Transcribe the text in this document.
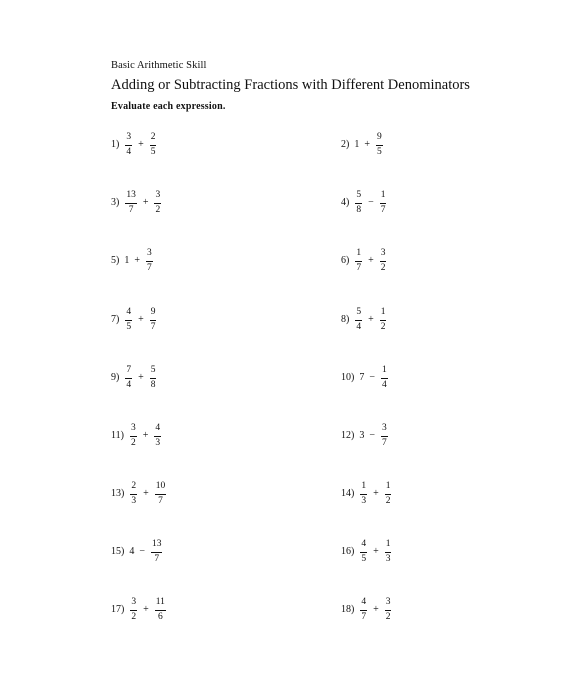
Basic Arithmetic Skill
Adding or Subtracting Fractions with Different Denominators
Evaluate each expression.
$1) \frac{3}{4} + \frac{2}{5}$	2) $1 + \frac{9}{5}$
$3) \frac{13}{7} + \frac{3}{2}$	$4) \frac{5}{8} - \frac{1}{7}$
5) $1 + \frac{3}{7}$	$6) \frac{1}{7} + \frac{3}{2}$
$7) \frac{4}{5} + \frac{9}{7}$	$8) \frac{5}{4} + \frac{1}{2}$
$9) \frac{7}{4} + \frac{5}{8}$	10) $7 - \frac{1}{4}$
$11) \frac{3}{2} + \frac{4}{3}$	12) $3 - \frac{3}{7}$
$13) \frac{2}{3} + \frac{10}{7}$	$14) \frac{1}{3} + \frac{1}{2}$
15) $4 - \frac{13}{7}$	$16) \frac{4}{5} + \frac{1}{3}$
$17) \frac{3}{2} + \frac{11}{6}$	$18) \frac{4}{7} + \frac{3}{2}$
